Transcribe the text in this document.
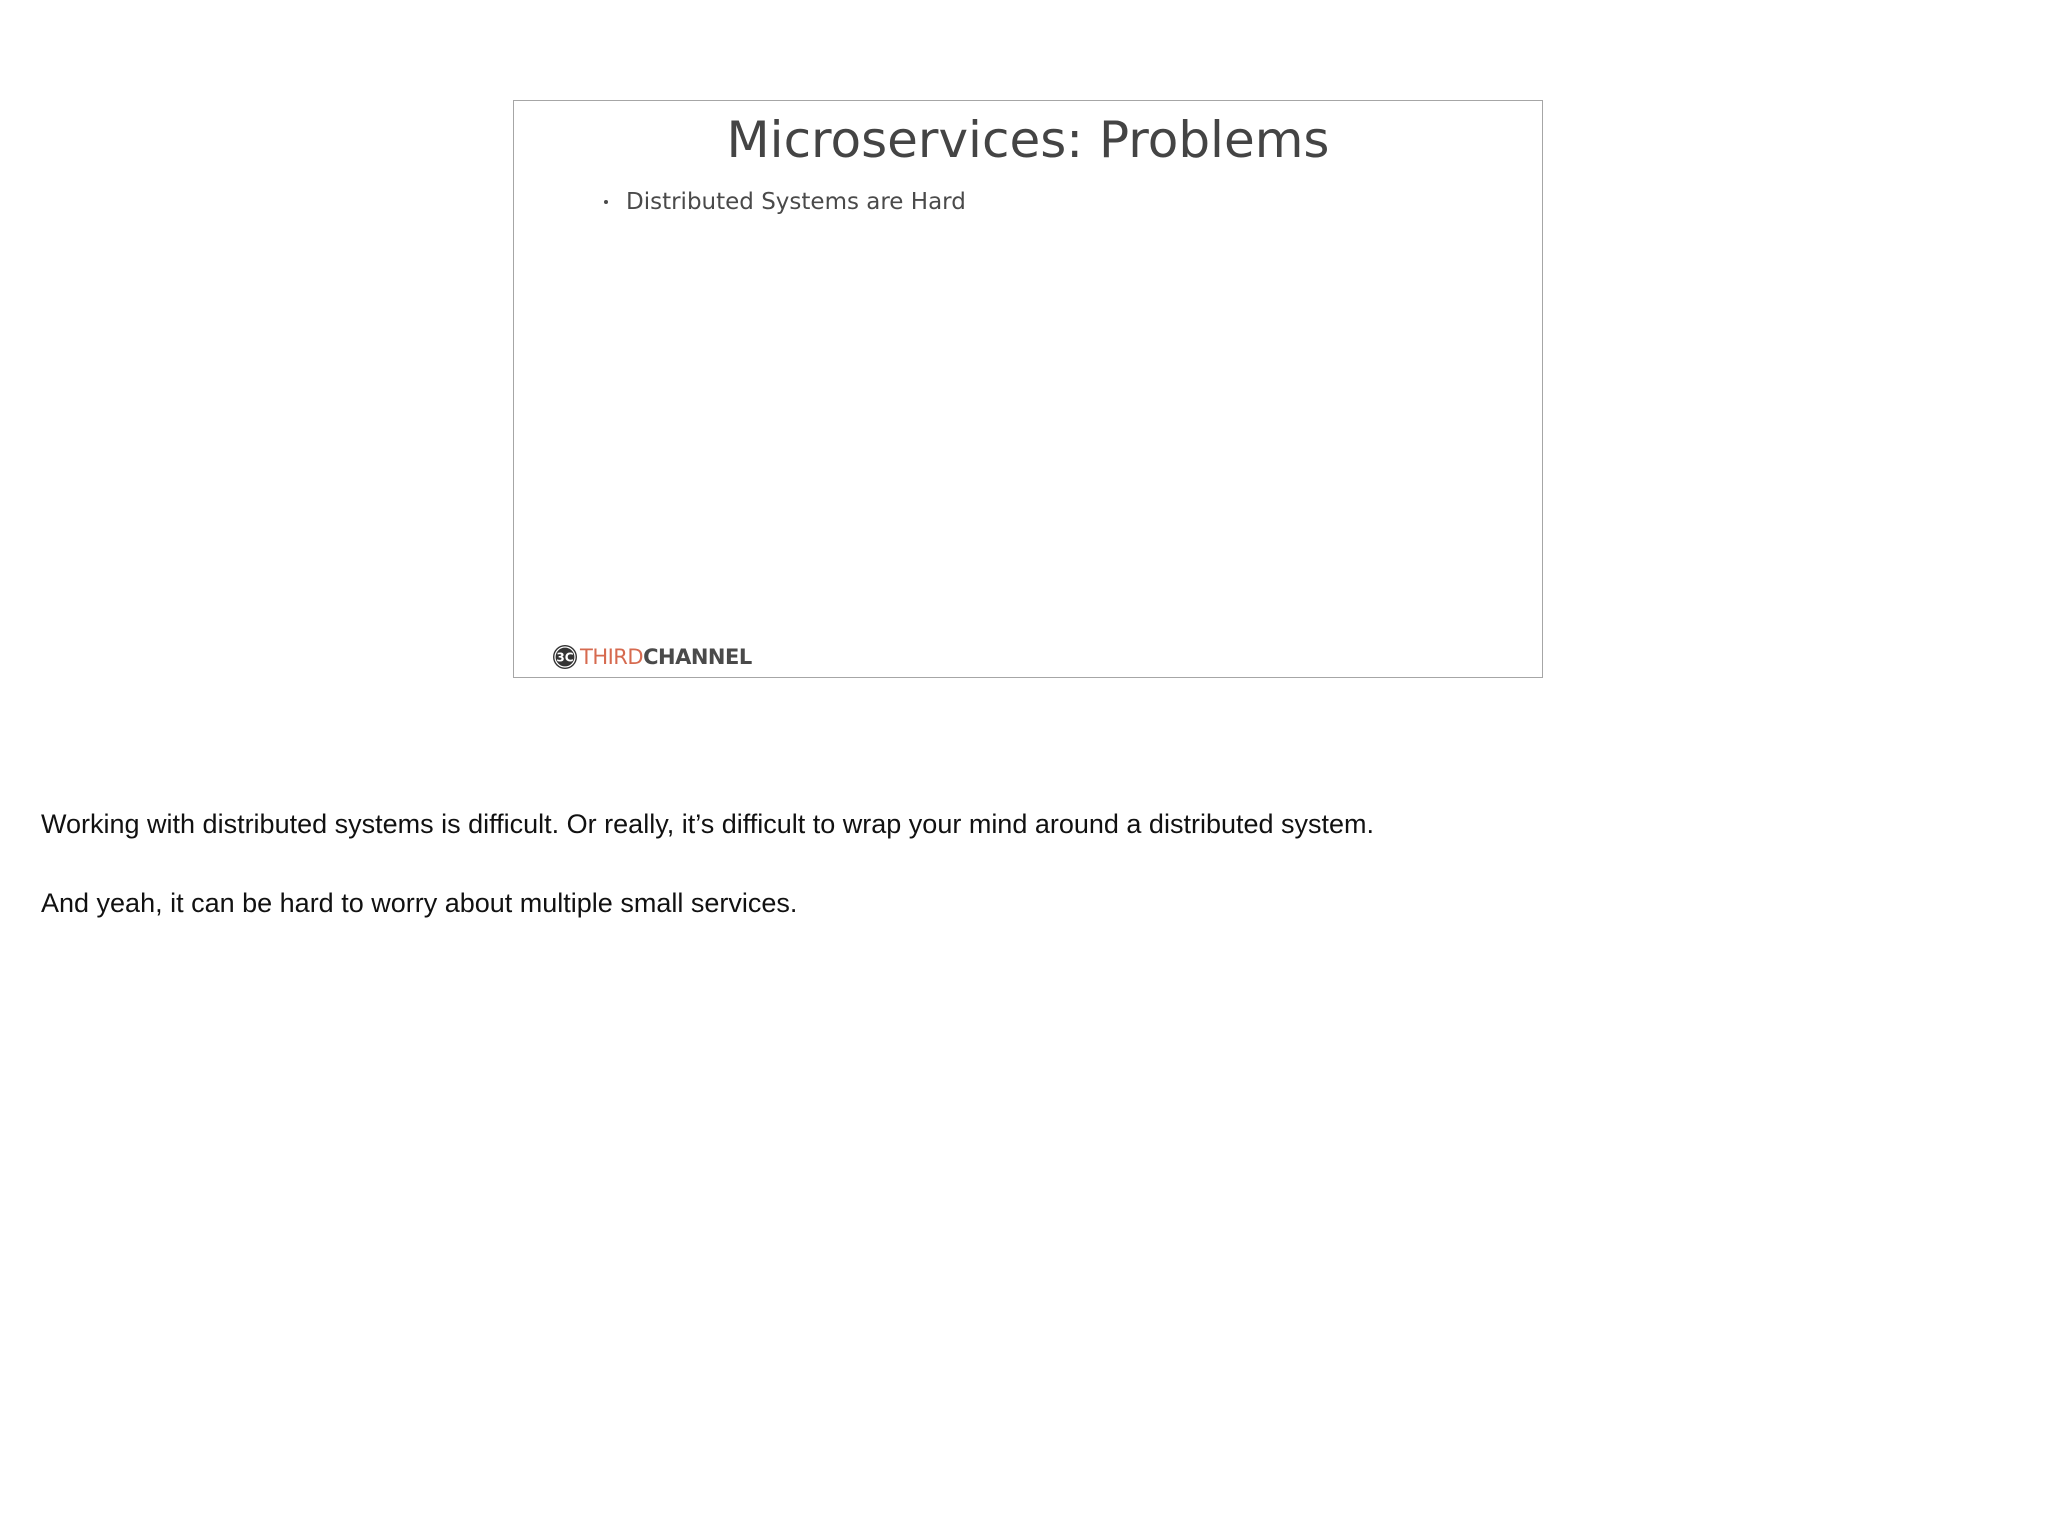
Microservices: Problems
Distributed Systems are Hard
3C THIRDCHANNEL

Working with distributed systems is difficult. Or really, it’s difficult to wrap your mind around a distributed system.

And yeah, it can be hard to worry about multiple small services.
